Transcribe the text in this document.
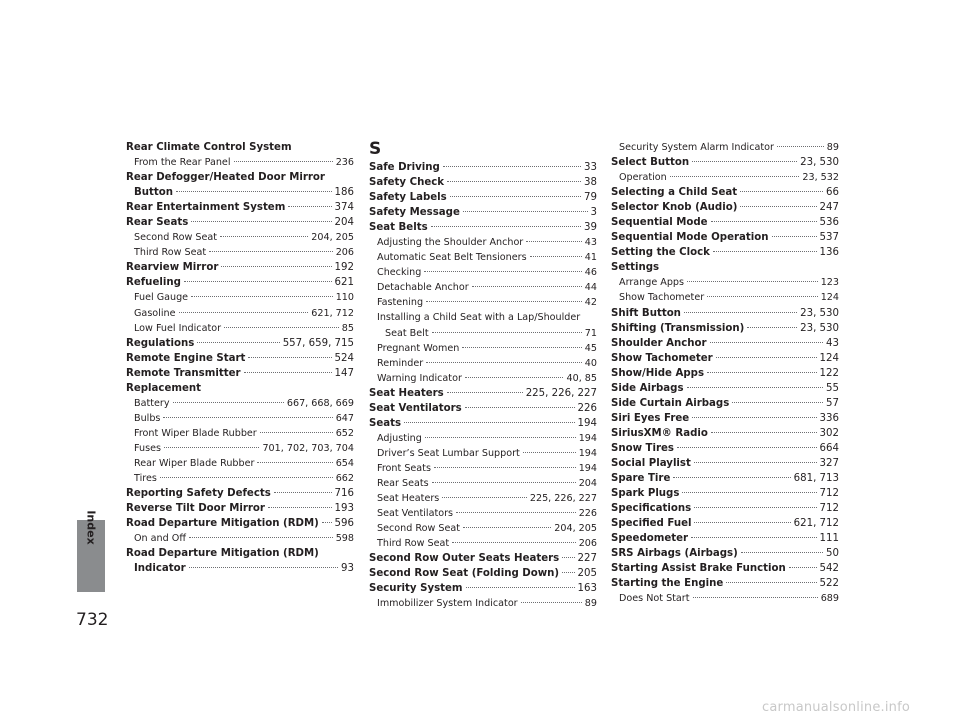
Index
Rear Climate Control System
From the Rear Panel	236
Rear Defogger/Heated Door Mirror
Button	186
Rear Entertainment System	374
Rear Seats	204
Second Row Seat	204, 205
Third Row Seat	206
Rearview Mirror	192
Refueling	621
Fuel Gauge	110
Gasoline	621, 712
Low Fuel Indicator	85
Regulations	557, 659, 715
Remote Engine Start	524
Remote Transmitter	147
Replacement
Battery	667, 668, 669
Bulbs	647
Front Wiper Blade Rubber	652
Fuses	701, 702, 703, 704
Rear Wiper Blade Rubber	654
Tires	662
Reporting Safety Defects	716
Reverse Tilt Door Mirror	193
Road Departure Mitigation (RDM) 596
On and Off	598
Road Departure Mitigation (RDM)
Indicator	93
S
Safe Driving	33
Safety Check	38
Safety Labels	79
Safety Message	3
Seat Belts	39
Adjusting the Shoulder Anchor	43
Automatic Seat Belt Tensioners	41
Checking	46
Detachable Anchor	44
Fastening	42
Installing a Child Seat with a Lap/Shoulder
Seat Belt	71
Pregnant Women	45
Reminder	40
Warning Indicator	40, 85
Seat Heaters	225, 226, 227
Seat Ventilators	226
Seats	194
Adjusting	194
Driver’s Seat Lumbar Support	194
Front Seats	194
Rear Seats	204
Seat Heaters	225, 226, 227
Seat Ventilators	226
Second Row Seat	204, 205
Third Row Seat	206
Second Row Outer Seats Heaters 227
Second Row Seat (Folding Down) 205
Security System	163
Immobilizer System Indicator	89
Security System Alarm Indicator	89
Select Button	23, 530
Operation	23, 532
Selecting a Child Seat	66
Selector Knob (Audio)	247
Sequential Mode	536
Sequential Mode Operation	537
Setting the Clock	136
Settings
Arrange Apps	123
Show Tachometer	124
Shift Button	23, 530
Shifting (Transmission)	23, 530
Shoulder Anchor	43
Show Tachometer	124
Show/Hide Apps	122
Side Airbags	55
Side Curtain Airbags	57
Siri Eyes Free	336
SiriusXM® Radio	302
Snow Tires	664
Social Playlist	327
Spare Tire	681, 713
Spark Plugs	712
Specifications	712
Specified Fuel	621, 712
Speedometer	111
SRS Airbags (Airbags)	50
Starting Assist Brake Function	542
Starting the Engine	522
Does Not Start	689
732
carmanualsonline.info
